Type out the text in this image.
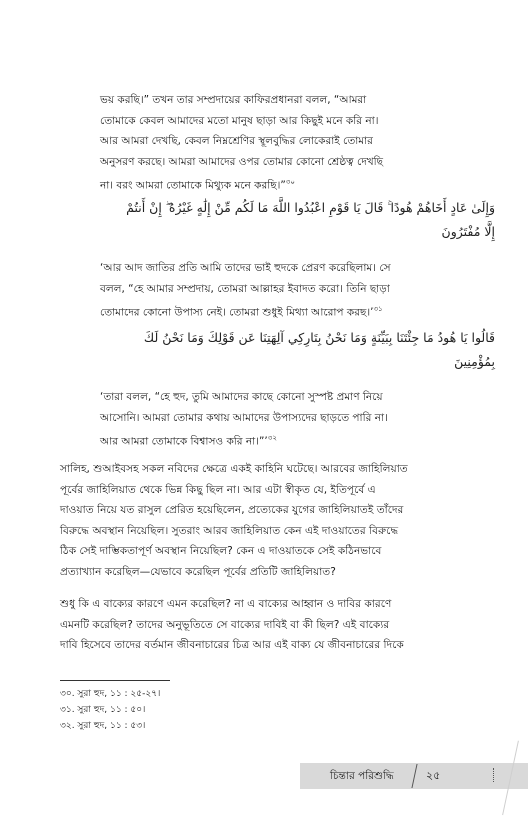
ভয় করছি।” তখন তার সম্প্রদায়ের কাফিরপ্রধানরা বলল, “আমরা

তোমাকে কেবল আমাদের মতো মানুষ ছাড়া আর কিছুই মনে করি না।

আর আমরা দেখছি, কেবল নিম্নশ্রেণির স্থূলবুদ্ধির লোকেরাই তোমার

অনুসরণ করছে। আমরা আমাদের ওপর তোমার কোনো শ্রেষ্ঠত্ব দেখছি

না। বরং আমরা তোমাকে মিথ্যুক মনে করছি।”$^{৩০}$

وَإِلَىٰ عَادٍ أَخَاهُمْ هُودًا ۚ قَالَ يَا قَوْمِ اعْبُدُوا اللَّهَ مَا لَكُم مِّنْ إِلَٰهٍ غَيْرُهُ ۖ إِنْ أَنتُمْ

إِلَّا مُفْتَرُونَ

‘আর আদ জাতির প্রতি আমি তাদের ভাই হুদকে প্রেরণ করেছিলাম। সে

বলল, “হে আমার সম্প্রদায়, তোমরা আল্লাহর ইবাদত করো। তিনি ছাড়া

তোমাদের কোনো উপাস্য নেই। তোমরা শুধুই মিথ্যা আরোপ করছ।’$^{৩১}$

قَالُوا يَا هُودُ مَا جِئْتَنَا بِبَيِّنَةٍ وَمَا نَحْنُ بِتَارِكِي آلِهَتِنَا عَن قَوْلِكَ وَمَا نَحْنُ لَكَ

بِمُؤْمِنِينَ

‘তারা বলল, “হে হুদ, তুমি আমাদের কাছে কোনো সুস্পষ্ট প্রমাণ নিয়ে

আসোনি। আমরা তোমার কথায় আমাদের উপাস্যদের ছাড়তে পারি না।

আর আমরা তোমাকে বিশ্বাসও করি না।”’$^{৩২}$

সালিহ, শুআইবসহ সকল নবিদের ক্ষেত্রে একই কাহিনি ঘটেছে। আরবের জাহিলিয়াত

পূর্বের জাহিলিয়াত থেকে ভিন্ন কিছু ছিল না। আর এটা স্বীকৃত যে, ইতিপূর্বে এ

দাওয়াত নিয়ে যত রাসুল প্রেরিত হয়েছিলেন, প্রত্যেকের যুগের জাহিলিয়াতই তাঁদের

বিরুদ্ধে অবস্থান নিয়েছিল। সুতরাং আরব জাহিলিয়াত কেন এই দাওয়াতের বিরুদ্ধে

ঠিক সেই দাম্ভিকতাপূর্ণ অবস্থান নিয়েছিল? কেন এ দাওয়াতকে সেই কঠিনভাবে

প্রত্যাখ্যান করেছিল—যেভাবে করেছিল পূর্বের প্রতিটি জাহিলিয়াত?

শুধু কি এ বাক্যের কারণে এমন করেছিল? না এ বাক্যের আহ্বান ও দাবির কারণে

এমনটি করেছিল? তাদের অনুভূতিতে সে বাক্যের দাবিই বা কী ছিল? এই বাক্যের

দাবি হিসেবে তাদের বর্তমান জীবনাচারের চিত্র আর এই বাক্য যে জীবনাচারের দিকে

৩০. সুরা হুদ, ১১ : ২৫-২৭।

৩১. সুরা হুদ, ১১ : ৫০।

৩২. সুরা হুদ, ১১ : ৫৩।

চিন্তার পরিশুদ্ধি	২৫
